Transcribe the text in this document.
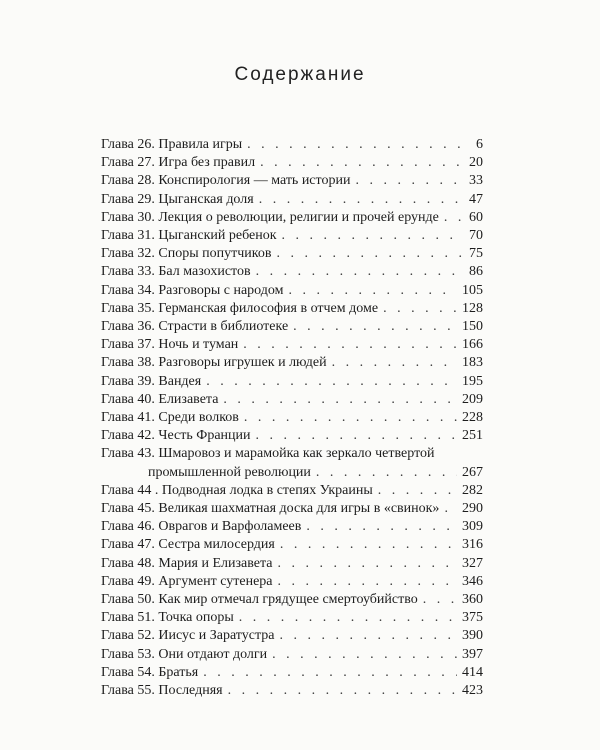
Содержание
Глава 26. Правила игры . . .	6
Глава 27. Игра без правил . . .	20
Глава 28. Конспирология — мать истории . . .	33
Глава 29. Цыганская доля . . .	47
Глава 30. Лекция о революции, религии и прочей ерунде . . . 60
Глава 31. Цыганский ребенок . . .	70
Глава 32. Споры попутчиков . . .	75
Глава 33. Бал мазохистов . . .	86
Глава 34. Разговоры с народом . . .	105
Глава 35. Германская философия в отчем доме . . .	128
Глава 36. Страсти в библиотеке . . .	150
Глава 37. Ночь и туман . . .	166
Глава 38. Разговоры игрушек и людей . . .	183
Глава 39. Вандея . . .	195
Глава 40. Елизавета . . .	209
Глава 41. Среди волков . . .	228
Глава 42. Честь Франции . . .	251
Глава 43. Шмаровоз и марамойка как зеркало четвертой
промышленной революции . . .	267
Глава 44 . Подводная лодка в степях Украины . . .	282
Глава 45. Великая шахматная доска для игры в «свинок» . . . 290
Глава 46. Оврагов и Варфоламеев . . .	309
Глава 47. Сестра милосердия . . .	316
Глава 48. Мария и Елизавета . . .	327
Глава 49. Аргумент сутенера . . .	346
Глава 50. Как мир отмечал грядущее смертоубийство . . .	360
Глава 51. Точка опоры . . .	375
Глава 52. Иисус и Заратустра . . .	390
Глава 53. Они отдают долги . . .	397
Глава 54. Братья . . .	414
Глава 55. Последняя . . .	423
